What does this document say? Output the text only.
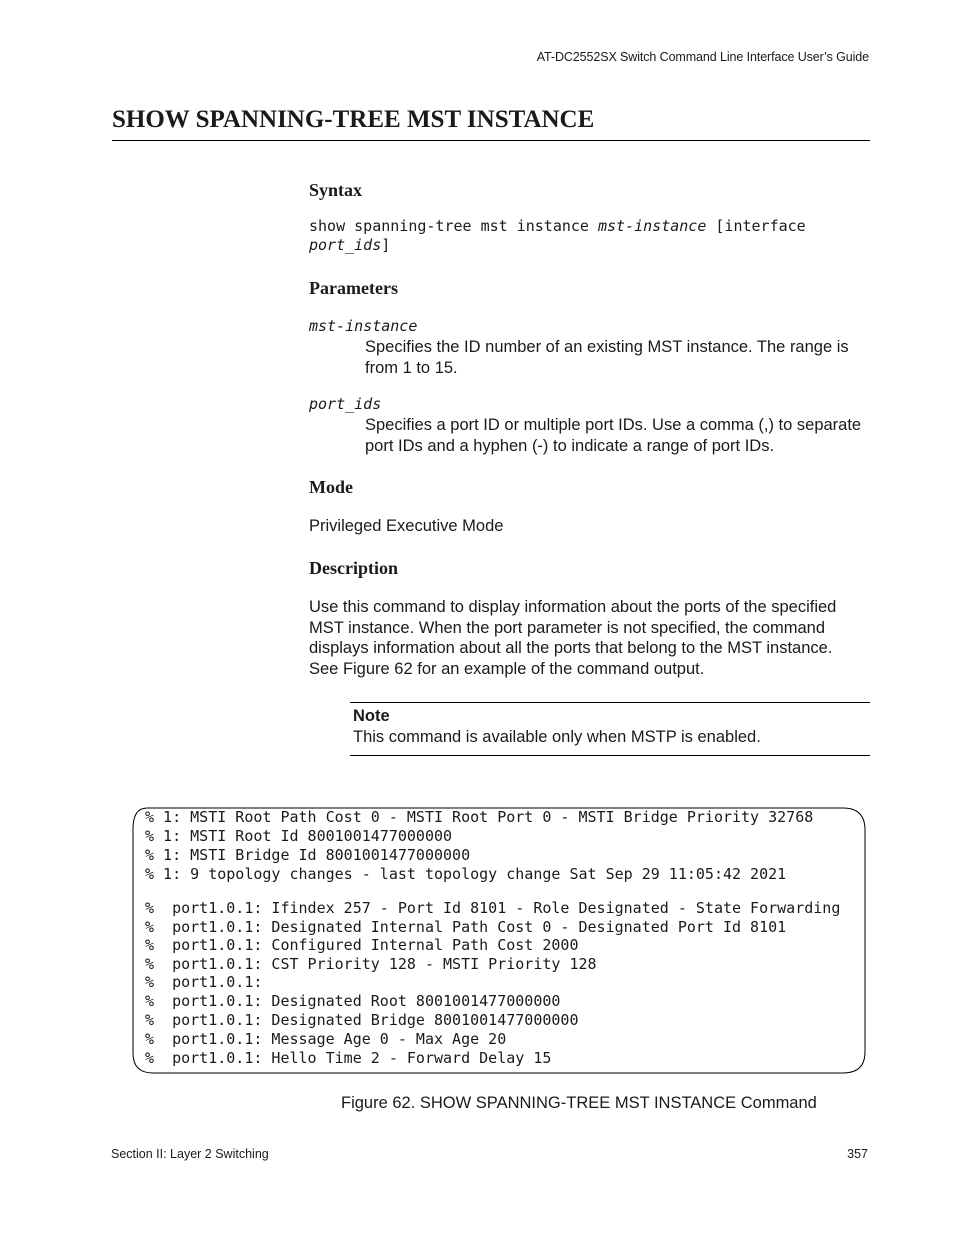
AT-DC2552SX Switch Command Line Interface User’s Guide
SHOW SPANNING-TREE MST INSTANCE
Syntax
show spanning-tree mst instance mst-instance [interface
port_ids]
Parameters
mst-instance
Specifies the ID number of an existing MST instance. The range is from 1 to 15.
port_ids
Specifies a port ID or multiple port IDs. Use a comma (,) to separate port IDs and a hyphen (-) to indicate a range of port IDs.
Mode
Privileged Executive Mode
Description
Use this command to display information about the ports of the specified MST instance. When the port parameter is not specified, the command displays information about all the ports that belong to the MST instance. See Figure 62 for an example of the command output.
Note
This command is available only when MSTP is enabled.
% 1: MSTI Root Path Cost 0 - MSTI Root Port 0 - MSTI Bridge Priority 32768
% 1: MSTI Root Id 8001001477000000
% 1: MSTI Bridge Id 8001001477000000
% 1: 9 topology changes - last topology change Sat Sep 29 11:05:42 2021
%  port1.0.1: Ifindex 257 - Port Id 8101 - Role Designated - State Forwarding
%  port1.0.1: Designated Internal Path Cost 0 - Designated Port Id 8101
%  port1.0.1: Configured Internal Path Cost 2000
%  port1.0.1: CST Priority 128 - MSTI Priority 128
%  port1.0.1:
%  port1.0.1: Designated Root 8001001477000000
%  port1.0.1: Designated Bridge 8001001477000000
%  port1.0.1: Message Age 0 - Max Age 20
%  port1.0.1: Hello Time 2 - Forward Delay 15
Figure 62. SHOW SPANNING-TREE MST INSTANCE Command
Section II: Layer 2 Switching	357
